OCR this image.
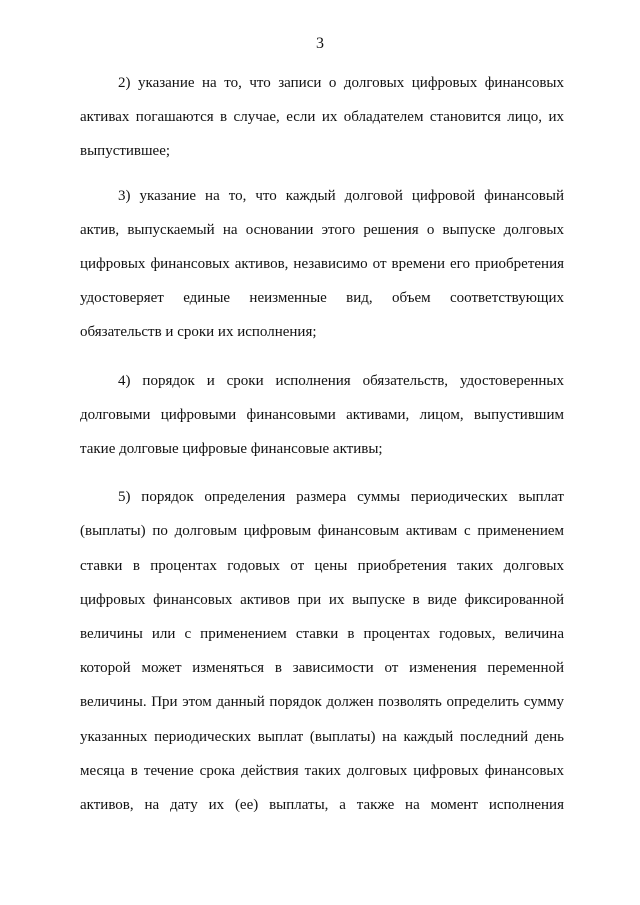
3
2) указание на то, что записи о долговых цифровых финансовых
активах погашаются в случае, если их обладателем становится лицо, их
выпустившее;
3) указание на то, что каждый долговой цифровой финансовый
актив, выпускаемый на основании этого решения о выпуске долговых
цифровых финансовых активов, независимо от времени его приобретения
удостоверяет единые неизменные вид, объем соответствующих
обязательств и сроки их исполнения;
4) порядок и сроки исполнения обязательств, удостоверенных
долговыми цифровыми финансовыми активами, лицом, выпустившим
такие долговые цифровые финансовые активы;
5) порядок определения размера суммы периодических выплат
(выплаты) по долговым цифровым финансовым активам с применением
ставки в процентах годовых от цены приобретения таких долговых
цифровых финансовых активов при их выпуске в виде фиксированной
величины или с применением ставки в процентах годовых, величина
которой может изменяться в зависимости от изменения переменной
величины. При этом данный порядок должен позволять определить сумму
указанных периодических выплат (выплаты) на каждый последний день
месяца в течение срока действия таких долговых цифровых финансовых
активов, на дату их (ее) выплаты, а также на момент исполнения
